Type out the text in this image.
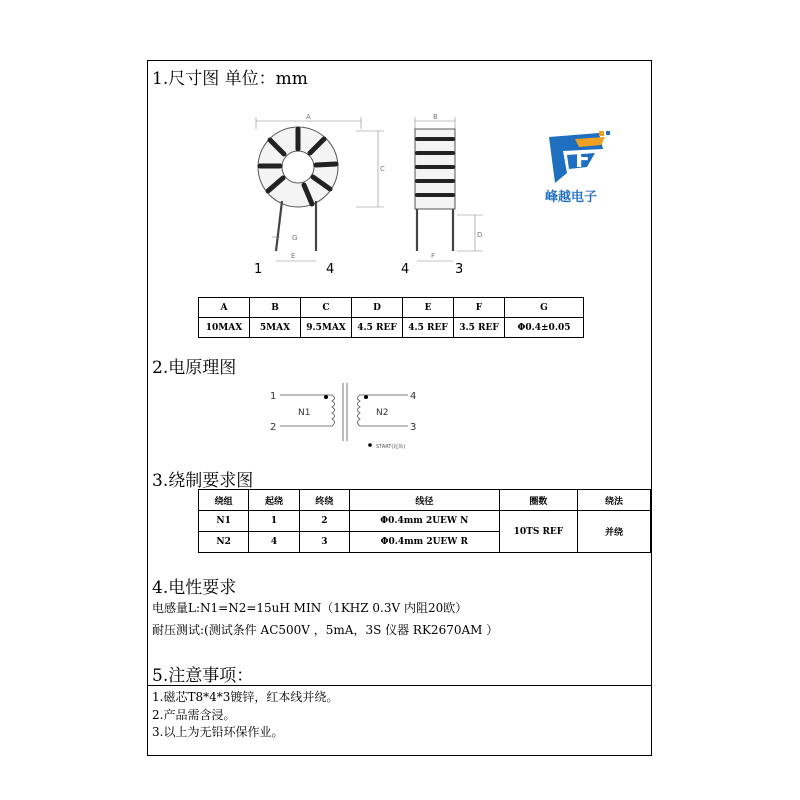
1.尺寸图 单位：mm
A
C
G
E
1	4
B
D
F
4	3
F
峰越电子
A	B	C	D	E	F	G
10MAX	5MAX	9.5MAX	4.5 REF	4.5 REF	3.5 REF	Φ0.4±0.05
2.电原理图
1
2
N1	N2
4
3
START(起始)
3.绕制要求图
绕组	起绕	终绕	线径	圈数	绕法
N1	1	2	Φ0.4mm 2UEW N	10TS REF	并绕
N2	4	3	Φ0.4mm 2UEW R		
4.电性要求
电感量L:N1=N2=15uH MIN（1KHZ 0.3V 内阻20欧）
耐压测试:(测试条件 AC500V ，5mA，3S 仪器 RK2670AM ）
5.注意事项：
1.磁芯T8*4*3镀锌，红本线并绕。
2.产品需含浸。
3.以上为无铅环保作业。
